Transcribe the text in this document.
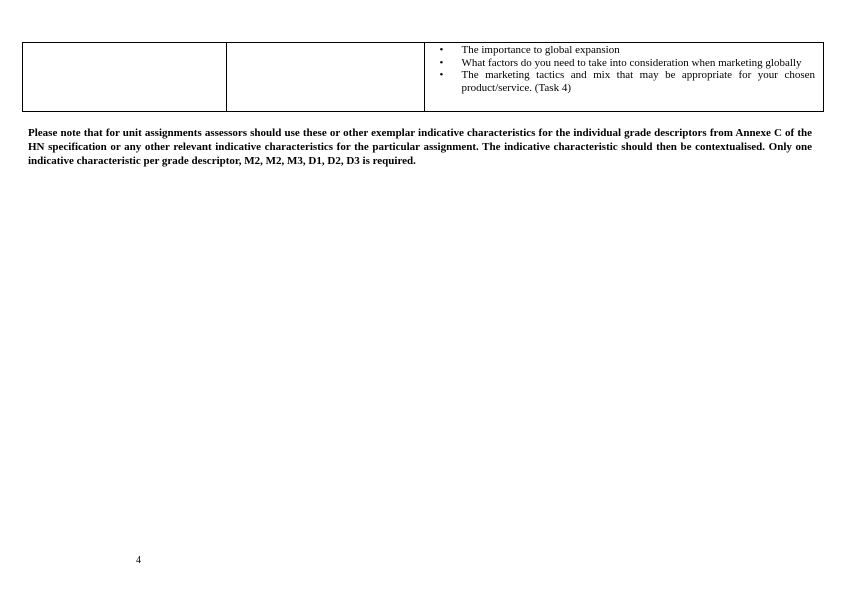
• The importance to global expansion
• What factors do you need to take into consideration when marketing globally
• The marketing tactics and mix that may be appropriate for your chosen product/service. (Task 4)

Please note that for unit assignments assessors should use these or other exemplar indicative characteristics for the individual grade descriptors from Annexe C of the HN specification or any other relevant indicative characteristics for the particular assignment. The indicative characteristic should then be contextualised. Only one indicative characteristic per grade descriptor, M2, M2, M3, D1, D2, D3 is required.

4
